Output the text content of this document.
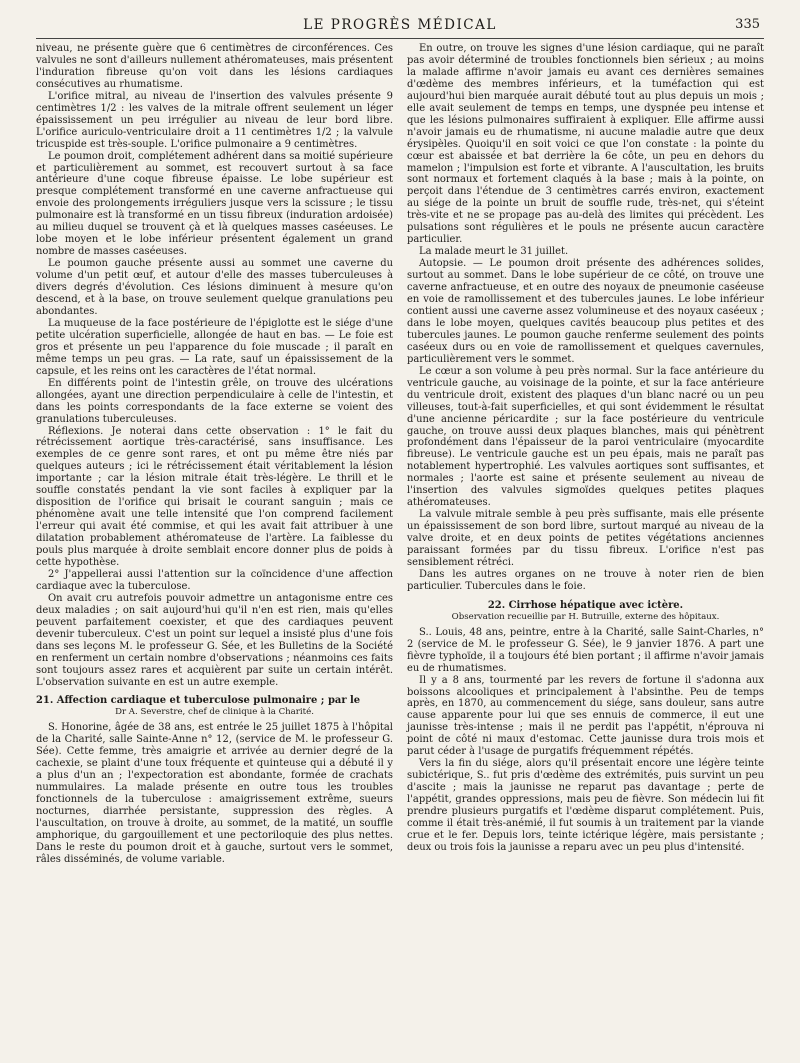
LE PROGRÈS MÉDICAL	335

niveau, ne présente guère que 6 centimètres de circonférences. Ces valvules ne sont d'ailleurs nullement athéromateuses, mais présentent l'induration fibreuse qu'on voit dans les lésions cardiaques consécutives au rhumatisme.

L'orifice mitral, au niveau de l'insertion des valvules présente 9 centimètres 1/2 : les valves de la mitrale offrent seulement un léger épaississement un peu irrégulier au niveau de leur bord libre. L'orifice auriculo-ventriculaire droit a 11 centimètres 1/2 ; la valvule tricuspide est très-souple. L'orifice pulmonaire a 9 centimètres.

Le poumon droit, complétement adhérent dans sa moitié supérieure et particulièrement au sommet, est recouvert surtout à sa face antérieure d'une coque fibreuse épaisse. Le lobe supérieur est presque complétement transformé en une caverne anfractueuse qui envoie des prolongements irréguliers jusque vers la scissure ; le tissu pulmonaire est là transformé en un tissu fibreux (induration ardoisée) au milieu duquel se trouvent çà et là quelques masses caséeuses. Le lobe moyen et le lobe inférieur présentent également un grand nombre de masses caséeuses.

Le poumon gauche présente aussi au sommet une caverne du volume d'un petit œuf, et autour d'elle des masses tuberculeuses à divers degrés d'évolution. Ces lésions diminuent à mesure qu'on descend, et à la base, on trouve seulement quelque granulations peu abondantes.

La muqueuse de la face postérieure de l'épiglotte est le siége d'une petite ulcération superficielle, allongée de haut en bas. — Le foie est gros et présente un peu l'apparence du foie muscade ; il paraît en même temps un peu gras. — La rate, sauf un épaississement de la capsule, et les reins ont les caractères de l'état normal.

En différents point de l'intestin grêle, on trouve des ulcérations allongées, ayant une direction perpendiculaire à celle de l'intestin, et dans les points correspondants de la face externe se voient des granulations tuberculeuses.

Réflexions. Je noterai dans cette observation : 1° le fait du rétrécissement aortique très-caractérisé, sans insuffisance. Les exemples de ce genre sont rares, et ont pu même être niés par quelques auteurs ; ici le rétrécissement était véritablement la lésion importante ; car la lésion mitrale était très-légère. Le thrill et le souffle constatés pendant la vie sont faciles à expliquer par la disposition de l'orifice qui brisait le courant sanguin ; mais ce phénomène avait une telle intensité que l'on comprend facilement l'erreur qui avait été commise, et qui les avait fait attribuer à une dilatation probablement athéromateuse de l'artère. La faiblesse du pouls plus marquée à droite semblait encore donner plus de poids à cette hypothèse.

2° J'appellerai aussi l'attention sur la coïncidence d'une affection cardiaque avec la tuberculose.

On avait cru autrefois pouvoir admettre un antagonisme entre ces deux maladies ; on sait aujourd'hui qu'il n'en est rien, mais qu'elles peuvent parfaitement coexister, et que des cardiaques peuvent devenir tuberculeux. C'est un point sur lequel a insisté plus d'une fois dans ses leçons M. le professeur G. Sée, et les Bulletins de la Société en renferment un certain nombre d'observations ; néanmoins ces faits sont toujours assez rares et acquièrent par suite un certain intérêt. L'observation suivante en est un autre exemple.

21. Affection cardiaque et tuberculose pulmonaire ; par le

Dr A. Severstre, chef de clinique à la Charité.

S. Honorine, âgée de 38 ans, est entrée le 25 juillet 1875 à l'hôpital de la Charité, salle Sainte-Anne n° 12, (service de M. le professeur G. Sée). Cette femme, très amaigrie et arrivée au dernier degré de la cachexie, se plaint d'une toux fréquente et quinteuse qui a débuté il y a plus d'un an ; l'expectoration est abondante, formée de crachats nummulaires. La malade présente en outre tous les troubles fonctionnels de la tuberculose : amaigrissement extrême, sueurs nocturnes, diarrhée persistante, suppression des règles. A l'auscultation, on trouve à droite, au sommet, de la matité, un souffle amphorique, du gargouillement et une pectoriloquie des plus nettes. Dans le reste du poumon droit et à gauche, surtout vers le sommet, râles disséminés, de volume variable.

En outre, on trouve les signes d'une lésion cardiaque, qui ne paraît pas avoir déterminé de troubles fonctionnels bien sérieux ; au moins la malade affirme n'avoir jamais eu avant ces dernières semaines d'œdème des membres inférieurs, et la tuméfaction qui est aujourd'hui bien marquée aurait débuté tout au plus depuis un mois ; elle avait seulement de temps en temps, une dyspnée peu intense et que les lésions pulmonaires suffiraient à expliquer. Elle affirme aussi n'avoir jamais eu de rhumatisme, ni aucune maladie autre que deux érysipèles. Quoiqu'il en soit voici ce que l'on constate : la pointe du cœur est abaissée et bat derrière la 6e côte, un peu en dehors du mamelon ; l'impulsion est forte et vibrante. A l'auscultation, les bruits sont normaux et fortement claqués à la base ; mais à la pointe, on perçoit dans l'étendue de 3 centimètres carrés environ, exactement au siége de la pointe un bruit de souffle rude, très-net, qui s'éteint très-vite et ne se propage pas au-delà des limites qui précèdent. Les pulsations sont régulières et le pouls ne présente aucun caractère particulier.

La malade meurt le 31 juillet.

Autopsie. — Le poumon droit présente des adhérences solides, surtout au sommet. Dans le lobe supérieur de ce côté, on trouve une caverne anfractueuse, et en outre des noyaux de pneumonie caséeuse en voie de ramollissement et des tubercules jaunes. Le lobe inférieur contient aussi une caverne assez volumineuse et des noyaux caséeux ; dans le lobe moyen, quelques cavités beaucoup plus petites et des tubercules jaunes. Le poumon gauche renferme seulement des points caséeux durs ou en voie de ramollissement et quelques cavernules, particulièrement vers le sommet.

Le cœur a son volume à peu près normal. Sur la face antérieure du ventricule gauche, au voisinage de la pointe, et sur la face antérieure du ventricule droit, existent des plaques d'un blanc nacré ou un peu villeuses, tout-à-fait superficielles, et qui sont évidemment le résultat d'une ancienne péricardite ; sur la face postérieure du ventricule gauche, on trouve aussi deux plaques blanches, mais qui pénètrent profondément dans l'épaisseur de la paroi ventriculaire (myocardite fibreuse). Le ventricule gauche est un peu épais, mais ne paraît pas notablement hypertrophié. Les valvules aortiques sont suffisantes, et normales ; l'aorte est saine et présente seulement au niveau de l'insertion des valvules sigmoïdes quelques petites plaques athéromateuses.

La valvule mitrale semble à peu près suffisante, mais elle présente un épaississement de son bord libre, surtout marqué au niveau de la valve droite, et en deux points de petites végétations anciennes paraissant formées par du tissu fibreux. L'orifice n'est pas sensiblement rétréci.

Dans les autres organes on ne trouve à noter rien de bien particulier. Tubercules dans le foie.

22. Cirrhose hépatique avec ictère.

Observation recueillie par H. Butruille, externe des hôpitaux.

S.. Louis, 48 ans, peintre, entre à la Charité, salle Saint-Charles, n° 2 (service de M. le professeur G. Sée), le 9 janvier 1876. A part une fièvre typhoïde, il a toujours été bien portant ; il affirme n'avoir jamais eu de rhumatismes.

Il y a 8 ans, tourmenté par les revers de fortune il s'adonna aux boissons alcooliques et principalement à l'absinthe. Peu de temps après, en 1870, au commencement du siége, sans douleur, sans autre cause apparente pour lui que ses ennuis de commerce, il eut une jaunisse très-intense ; mais il ne perdit pas l'appétit, n'éprouva ni point de côté ni maux d'estomac. Cette jaunisse dura trois mois et parut céder à l'usage de purgatifs fréquemment répétés.

Vers la fin du siége, alors qu'il présentait encore une légère teinte subictérique, S.. fut pris d'œdème des extrémités, puis survint un peu d'ascite ; mais la jaunisse ne reparut pas davantage ; perte de l'appétit, grandes oppressions, mais peu de fièvre. Son médecin lui fit prendre plusieurs purgatifs et l'œdème disparut complétement. Puis, comme il était très-anémié, il fut soumis à un traitement par la viande crue et le fer. Depuis lors, teinte ictérique légère, mais persistante ; deux ou trois fois la jaunisse a reparu avec un peu plus d'intensité.
